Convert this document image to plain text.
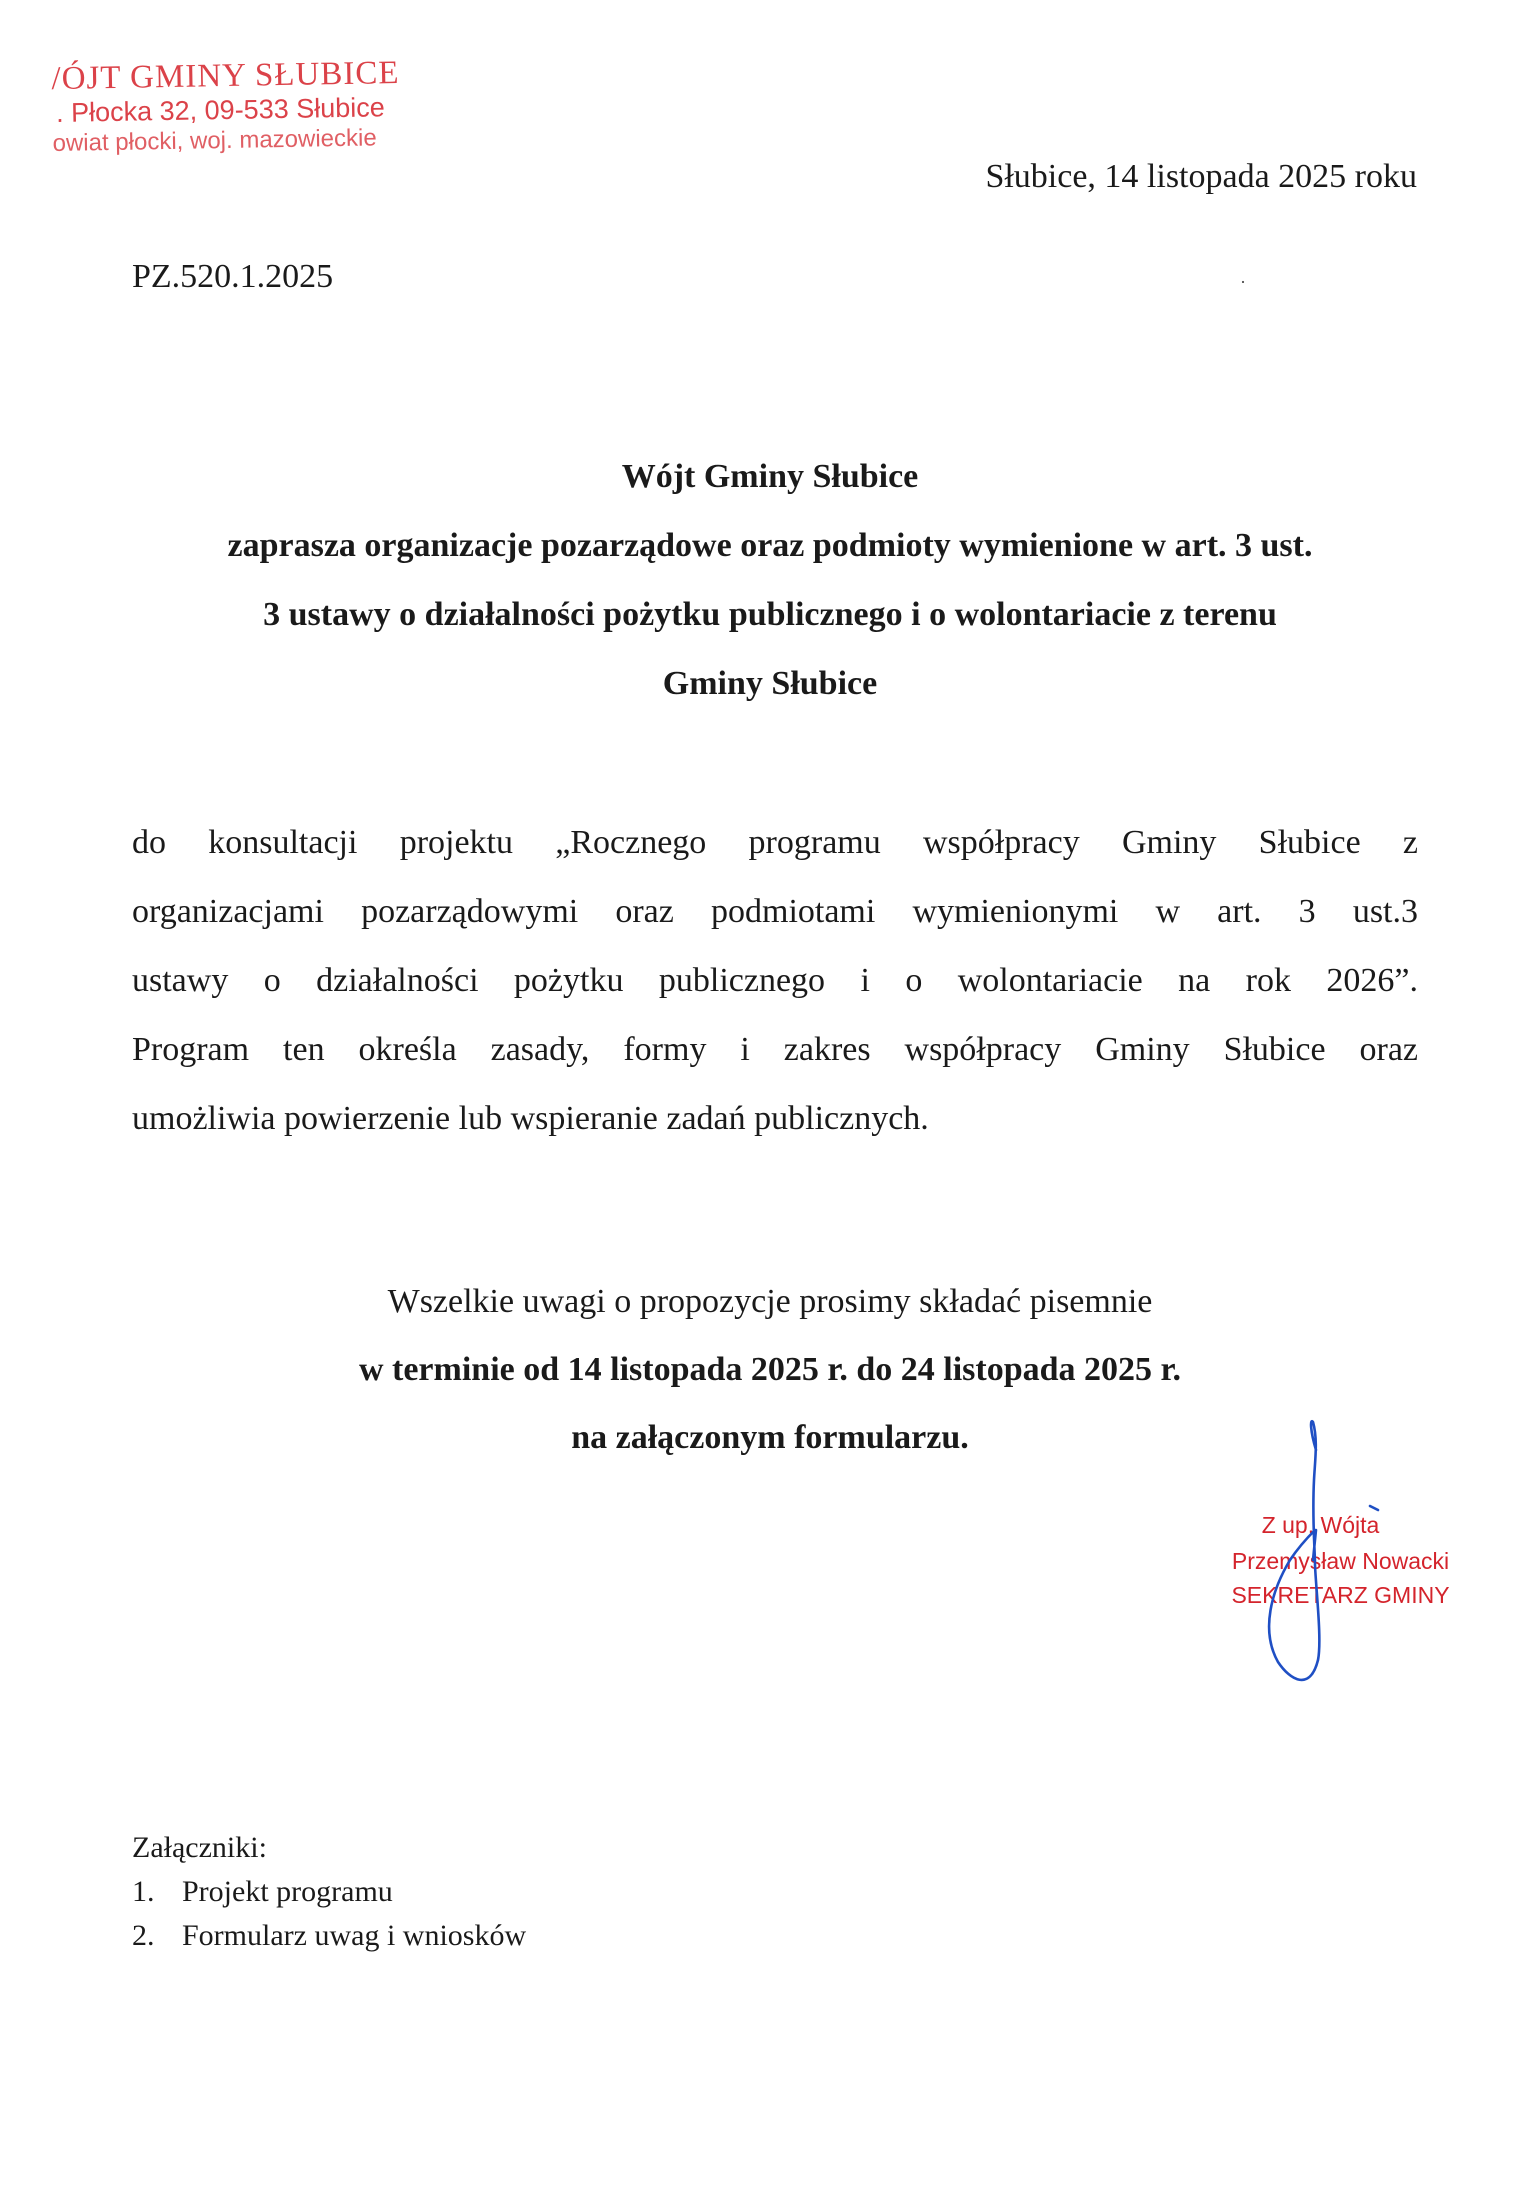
/ÓJT GMINY SŁUBICE
. Płocka 32, 09-533 Słubice
owiat płocki, woj. mazowieckie
Słubice, 14 listopada 2025 roku
PZ.520.1.2025	·
Wójt Gminy Słubice
zaprasza organizacje pozarządowe oraz podmioty wymienione w art. 3 ust.
3 ustawy o działalności pożytku publicznego i o wolontariacie z terenu
Gminy Słubice
do konsultacji projektu „Rocznego programu współpracy Gminy Słubice z
organizacjami pozarządowymi oraz podmiotami wymienionymi w art. 3 ust.3
ustawy o działalności pożytku publicznego i o wolontariacie na rok 2026”.
Program ten określa zasady, formy i zakres współpracy Gminy Słubice oraz
umożliwia powierzenie lub wspieranie zadań publicznych.
Wszelkie uwagi o propozycje prosimy składać pisemnie
w terminie od 14 listopada 2025 r. do 24 listopada 2025 r.
na załączonym formularzu.
Z up. Wójta
Przemysław Nowacki
SEKRETARZ GMINY
Załączniki:
1. Projekt programu
2. Formularz uwag i wniosków
